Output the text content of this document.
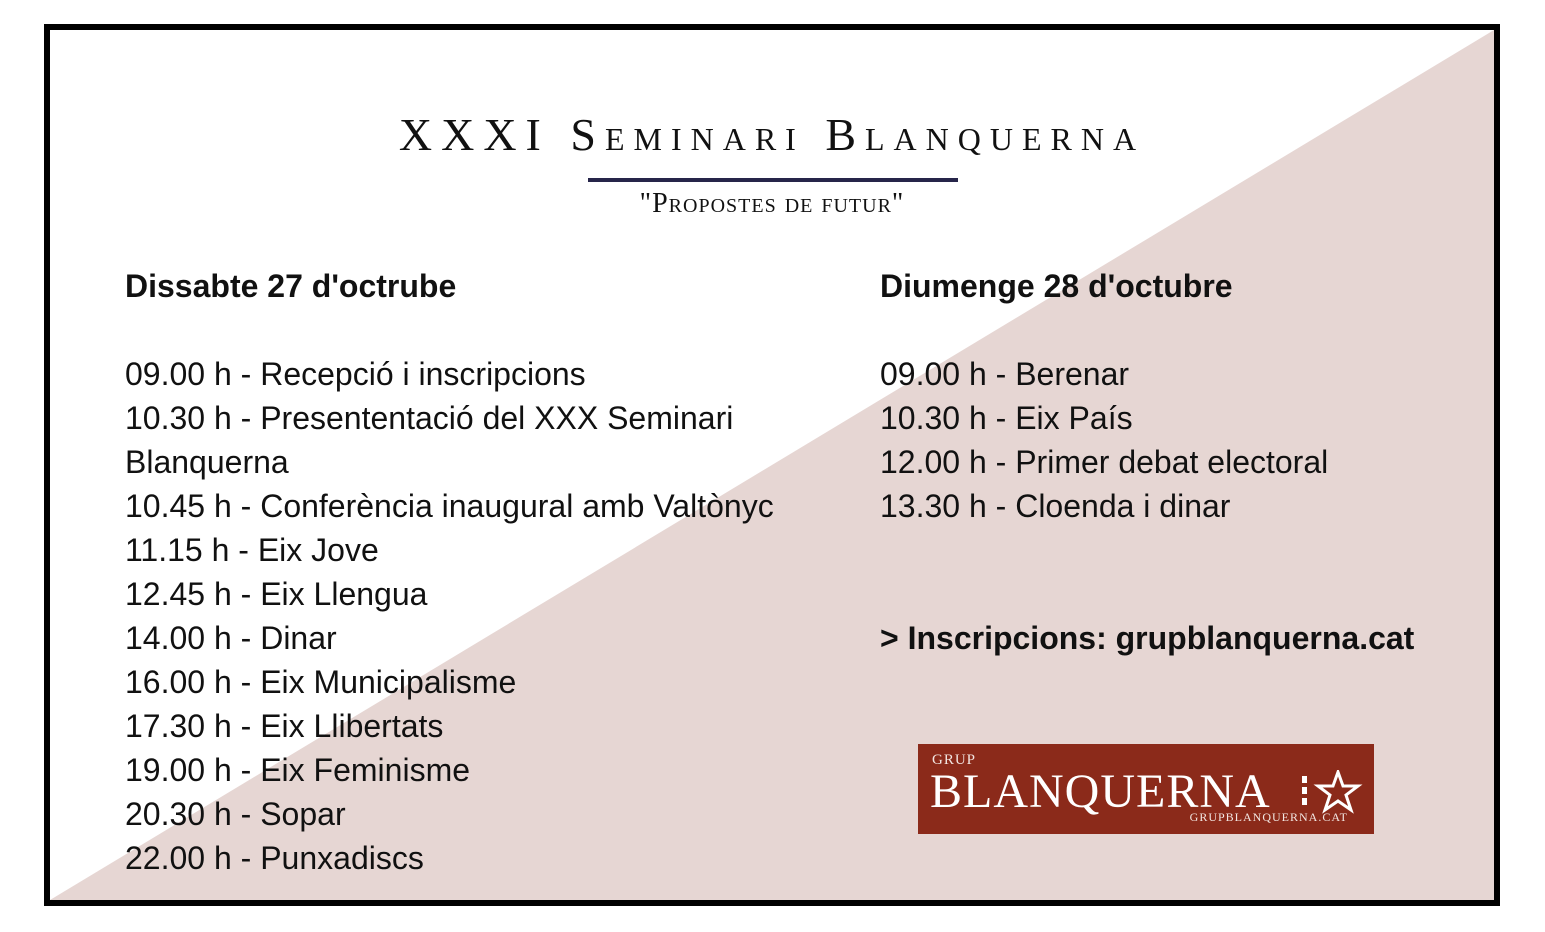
XXXI Seminari Blanquerna
"Propostes de futur"
Dissabte 27 d'octrube
09.00 h - Recepció i inscripcions
10.30 h - Presententació del XXX Seminari Blanquerna
10.45 h - Conferència inaugural amb Valtònyc
11.15 h - Eix Jove
12.45 h - Eix Llengua
14.00 h - Dinar
16.00 h - Eix Municipalisme
17.30 h - Eix Llibertats
19.00 h - Eix Feminisme
20.30 h - Sopar
22.00 h - Punxadiscs
Diumenge 28 d'octubre
09.00 h - Berenar
10.30 h - Eix País
12.00 h - Primer debat electoral
13.30 h - Cloenda i dinar
> Inscripcions: grupblanquerna.cat
GRUP
BLANQUERNA
GRUPBLANQUERNA.CAT
